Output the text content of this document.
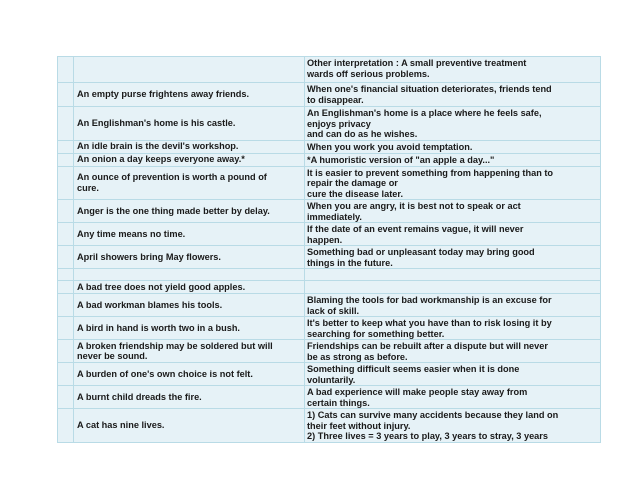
		Other interpretation : A small preventive treatment
wards off serious problems.
	An empty purse frightens away friends.	When one's financial situation deteriorates, friends tend
to disappear.
	An Englishman's home is his castle.	An Englishman's home is a place where he feels safe,
enjoys privacy
and can do as he wishes.
	An idle brain is the devil's workshop.	When you work you avoid temptation.
	An onion a day keeps everyone away.*	*A humoristic version of "an apple a day..."
	An ounce of prevention is worth a pound of
cure.	It is easier to prevent something from happening than to
repair the damage or
cure the disease later.
	Anger is the one thing made better by delay.	When you are angry, it is best not to speak or act
immediately.
	Any time means no time.	If the date of an event remains vague, it will never
happen.
	April showers bring May flowers.	Something bad or unpleasant today may bring good
things in the future.

	A bad tree does not yield good apples.	
	A bad workman blames his tools.	Blaming the tools for bad workmanship is an excuse for
lack of skill.
	A bird in hand is worth two in a bush.	It's better to keep what you have than to risk losing it by
searching for something better.
	A broken friendship may be soldered but will
never be sound.	Friendships can be rebuilt after a dispute but will never
be as strong as before.
	A burden of one's own choice is not felt.	Something difficult seems easier when it is done
voluntarily.
	A burnt child dreads the fire.	A bad experience will make people stay away from
certain things.
	A cat has nine lives.	1) Cats can survive many accidents because they land on
their feet without injury.
2) Three lives = 3 years to play, 3 years to stray, 3 years
